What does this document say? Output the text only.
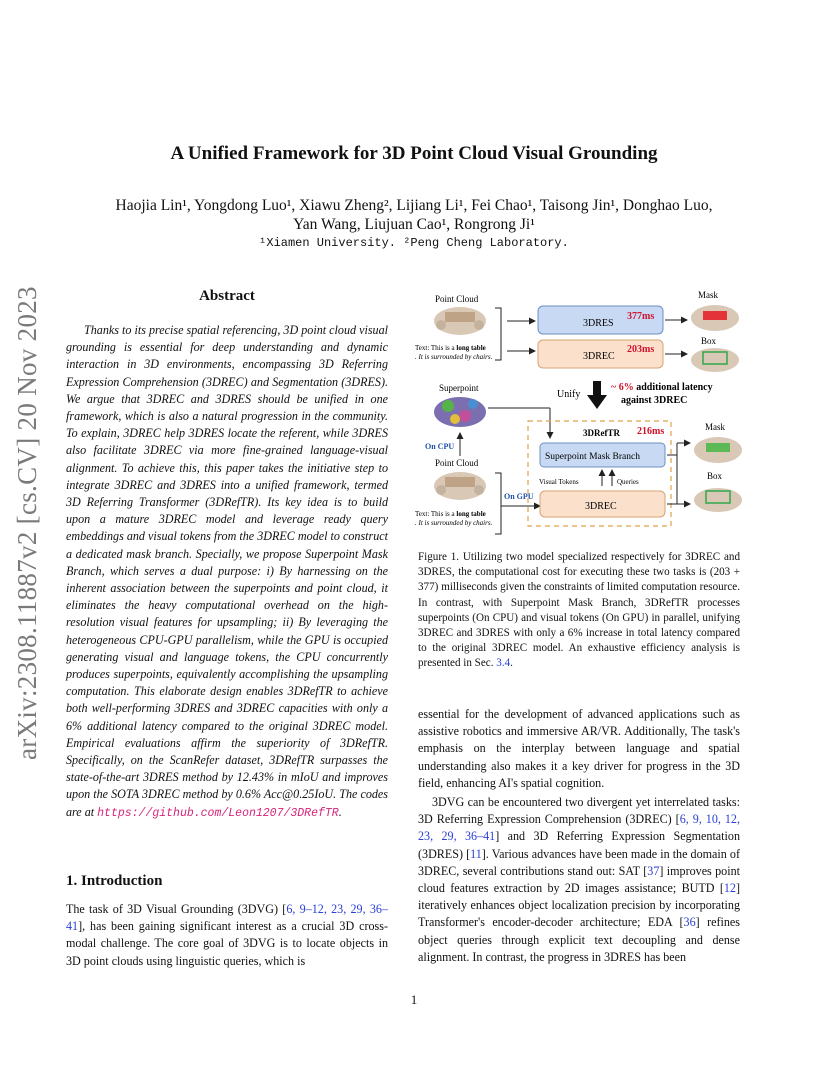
arXiv:2308.11887v2 [cs.CV] 20 Nov 2023
A Unified Framework for 3D Point Cloud Visual Grounding
Haojia Lin¹, Yongdong Luo¹, Xiawu Zheng², Lijiang Li¹, Fei Chao¹, Taisong Jin¹, Donghao Luo,
Yan Wang, Liujuan Cao¹, Rongrong Ji¹
¹Xiamen University. ²Peng Cheng Laboratory.
Abstract
Thanks to its precise spatial referencing, 3D point cloud visual grounding is essential for deep understanding and dynamic interaction in 3D environments, encompassing 3D Referring Expression Comprehension (3DREC) and Segmentation (3DRES). We argue that 3DREC and 3DRES should be unified in one framework, which is also a natural progression in the community. To explain, 3DREC help 3DRES locate the referent, while 3DRES also facilitate 3DREC via more fine-grained language-visual alignment. To achieve this, this paper takes the initiative step to integrate 3DREC and 3DRES into a unified framework, termed 3D Referring Transformer (3DRefTR). Its key idea is to build upon a mature 3DREC model and leverage ready query embeddings and visual tokens from the 3DREC model to construct a dedicated mask branch. Specially, we propose Superpoint Mask Branch, which serves a dual purpose: i) By harnessing on the inherent association between the superpoints and point cloud, it eliminates the heavy computational overhead on the high-resolution visual features for upsampling; ii) By leveraging the heterogeneous CPU-GPU parallelism, while the GPU is occupied generating visual and language tokens, the CPU concurrently produces superpoints, equivalently accomplishing the upsampling computation. This elaborate design enables 3DRefTR to achieve both well-performing 3DRES and 3DREC capacities with only a 6% additional latency compared to the original 3DREC model. Empirical evaluations affirm the superiority of 3DRefTR. Specifically, on the ScanRefer dataset, 3DRefTR surpasses the state-of-the-art 3DRES method by 12.43% in mIoU and improves upon the SOTA 3DREC method by 0.6% Acc@0.25IoU. The codes are at https://github.com/Leon1207/3DRefTR.
1. Introduction
The task of 3D Visual Grounding (3DVG) [6, 9–12, 23, 29, 36–41], has been gaining significant interest as a crucial 3D cross-modal challenge. The core goal of 3DVG is to locate objects in 3D point clouds using linguistic queries, which is
Point Cloud
Text: This is a long table
. It is surrounded by chairs.
3DRES
377ms
3DREC
203ms
Mask
Box
Superpoint
Unify
~ 6% additional latency
against 3DREC
On CPU
Point Cloud
Text: This is a long table
. It is surrounded by chairs.
On GPU
3DRefTR 216ms
Superpoint Mask Branch
Visual Tokens	Queries
3DREC
Mask
Box
Figure 1. Utilizing two model specialized respectively for 3DREC and 3DRES, the computational cost for executing these two tasks is (203 + 377) milliseconds given the constraints of limited computation resource. In contrast, with Superpoint Mask Branch, 3DRefTR processes superpoints (On CPU) and visual tokens (On GPU) in parallel, unifying 3DREC and 3DRES with only a 6% increase in total latency compared to the original 3DREC model. An exhaustive efficiency analysis is presented in Sec. 3.4.
essential for the development of advanced applications such as assistive robotics and immersive AR/VR. Additionally, The task's emphasis on the interplay between language and spatial understanding also makes it a key driver for progress in the 3D field, enhancing AI's spatial cognition.
3DVG can be encountered two divergent yet interrelated tasks: 3D Referring Expression Comprehension (3DREC) [6, 9, 10, 12, 23, 29, 36–41] and 3D Referring Expression Segmentation (3DRES) [11]. Various advances have been made in the domain of 3DREC, several contributions stand out: SAT [37] improves point cloud features extraction by 2D images assistance; BUTD [12] iteratively enhances object localization precision by incorporating Transformer's encoder-decoder architecture; EDA [36] refines object queries through explicit text decoupling and dense alignment. In contrast, the progress in 3DRES has been
1
